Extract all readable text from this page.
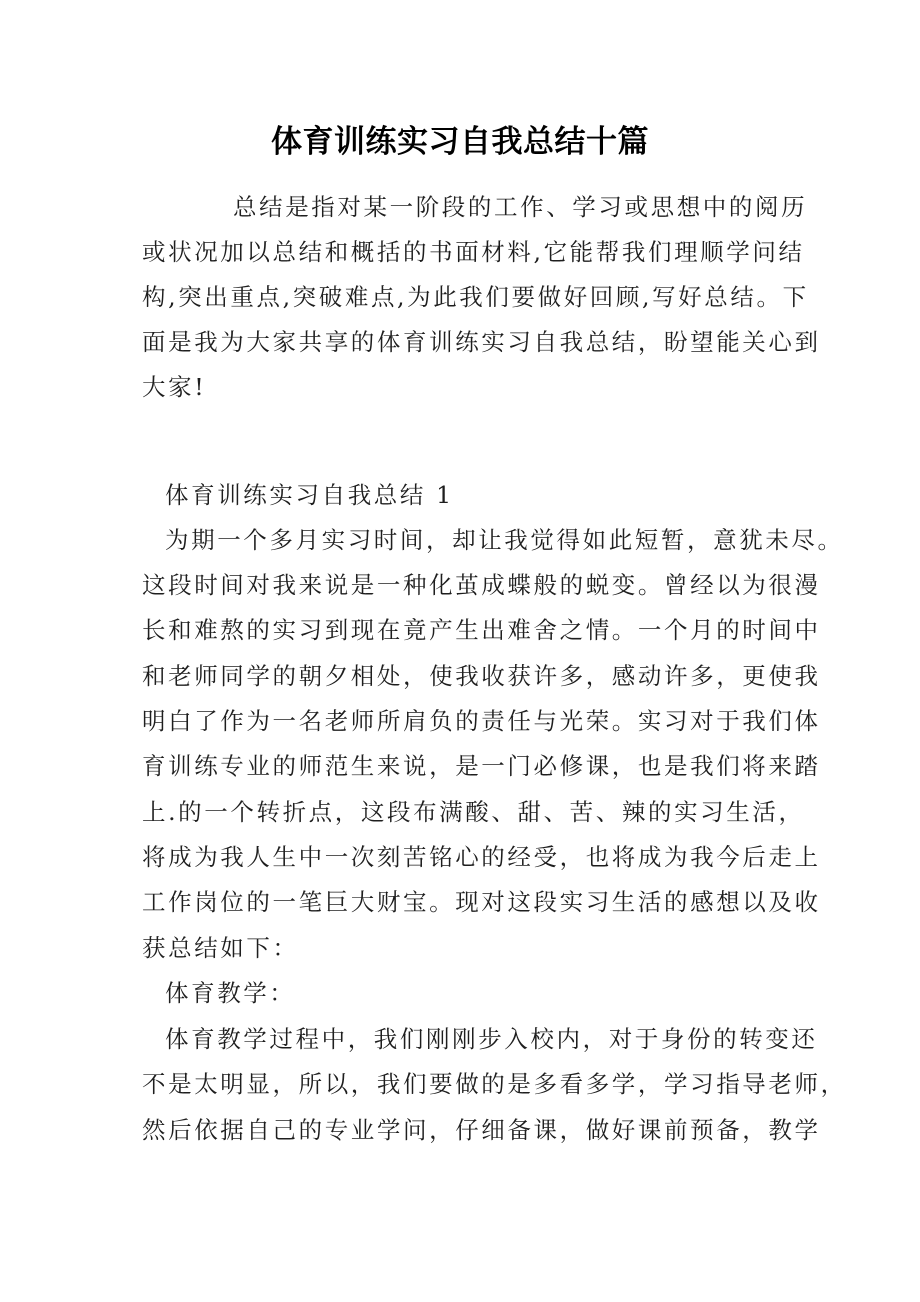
体育训练实习自我总结十篇
总结是指对某一阶段的工作、学习或思想中的阅历
或状况加以总结和概括的书面材料,它能帮我们理顺学问结
构,突出重点,突破难点,为此我们要做好回顾,写好总结。下
面是我为大家共享的体育训练实习自我总结，盼望能关心到
大家!
体育训练实习自我总结 1
为期一个多月实习时间，却让我觉得如此短暂，意犹未尽。
这段时间对我来说是一种化茧成蝶般的蜕变。曾经以为很漫
长和难熬的实习到现在竟产生出难舍之情。一个月的时间中
和老师同学的朝夕相处，使我收获许多，感动许多，更使我
明白了作为一名老师所肩负的责任与光荣。实习对于我们体
育训练专业的师范生来说，是一门必修课，也是我们将来踏
上.的一个转折点，这段布满酸、甜、苦、辣的实习生活，
将成为我人生中一次刻苦铭心的经受，也将成为我今后走上
工作岗位的一笔巨大财宝。现对这段实习生活的感想以及收
获总结如下：
体育教学：
体育教学过程中，我们刚刚步入校内，对于身份的转变还
不是太明显，所以，我们要做的是多看多学，学习指导老师，
然后依据自己的专业学问，仔细备课，做好课前预备，教学
